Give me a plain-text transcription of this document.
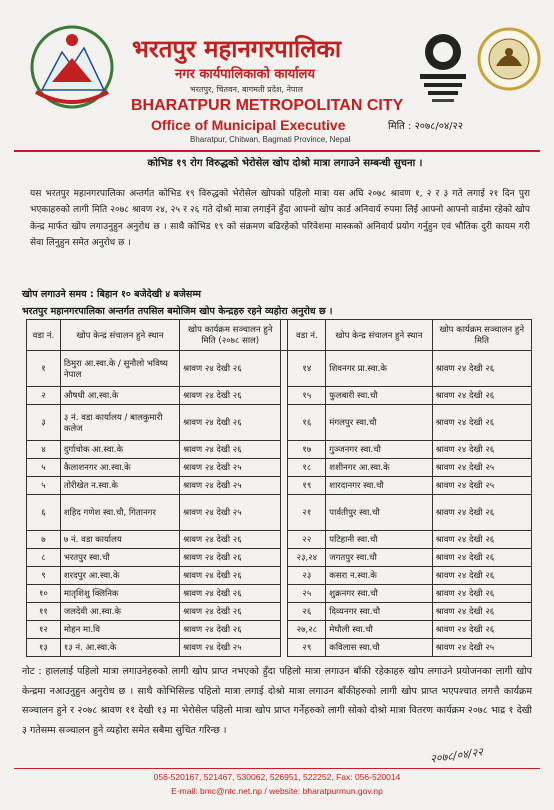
भरतपुर महानगरपालिका
नगर कार्यपालिकाको कार्यालय
भरतपुर, चितवन, बागमती प्रदेश, नेपाल
BHARATPUR METROPOLITAN CITY
Office of Municipal Executive
Bharatpur, Chitwan, Bagmati Province, Nepal
मिति : २०७८/०४/२२
कोभिड १९ रोग विरुद्धको भेरोसेल खोप दोश्रो मात्रा लगाउने सम्बन्धी सुचना ।
यस भरतपुर महानगरपालिका अन्तर्गत कोभिड १९ विरुद्धको भेरोसेल खोपको पहिलो मात्रा यस अघि २०७८ श्रावण १, २ र ३ गते लगाई २१ दिन पुरा भएकाहरुको लागी मिति २०७८ श्रावण २४, २५ र २६ गते दोश्रो मात्रा लगाईने हुँदा आफ्नो खोप कार्ड अनिवार्य रुपमा लिई आफ्नो आफ्नो वार्डमा रहेको खोप केन्द्र मार्फत खोप लगाउनुहुन अनुरोध छ । साथै कोभिड १९ को संक्रमण बढिरहेको परिवेशमा मास्कको अनिवार्य प्रयोग गर्नुहुन एवं भौतिक दुरी कायम गरी सेवा लिनुहुन समेत अनुरोध छ ।
खोप लगाउने समय : बिहान १० बजेदेखी ४ बजेसम्म
भरतपुर महानगरपालिका अन्तर्गत तपसिल बमोजिम खोप केन्द्रहरु रहने व्यहोरा अनुरोध छ ।
वडा नं.	खोप केन्द्र संचालन हुने स्थान	खोप कार्यक्रम सञ्चालन हुने मिति (२०७८ साल)		वडा नं.	खोप केन्द्र संचालन हुने स्थान	खोप कार्यक्रम सञ्चालन हुने मिति
१	ठिमुरा आ.स्वा.के / सुनौलो भविष्य नेपाल	श्रावण २४ देखी २६		१४	शिवनगर प्रा.स्वा.के	श्रावण २४ देखी २६
२	औषधी आ.स्वा.के	श्रावण २४ देखी २६		१५	फुलबारी स्वा.चौ	श्रावण २४ देखी २६
३	३ नं. वडा कार्यालय / बालकुमारी कलेज	श्रावण २४ देखी २६		१६	मंगलपुर स्वा.चौ	श्रावण २४ देखी २६
४	दुर्गाचोक आ.स्वा.के	श्रावण २४ देखी २६		१७	गुञ्जनगर स्वा.चौ	श्रावण २४ देखी २६
५	कैलाशनगर आ.स्वा.के	श्रावण २४ देखी २५		१८	शशीनगर आ.स्वा.के	श्रावण २४ देखी २५
५	तोरीखेत न.स्वा.के	श्रावण २४ देखी २५		१९	शारदानगर स्वा.चौ	श्रावण २४ देखी २५
६	शहिद गणेश स्वा.चौ, गितानगर	श्रावण २४ देखी २५		२१	पार्वतीपुर स्वा.चौ	श्रावण २४ देखी २६
७	७ नं. वडा कार्यालय	श्रावण २४ देखी २६		२२	पटिहानी स्वा.चौ	श्रावण २४ देखी २६
८	भरतपुर स्वा.चौ	श्रावण २४ देखी २६		२३,२४	जगतपुर स्वा.चौ	श्रावण २४ देखी २६
९	शरदपुर आ.स्वा.के	श्रावण २४ देखी २६		२३	कसरा न.स्वा.के	श्रावण २४ देखी २६
१०	मातृशिशु क्लिनिक	श्रावण २४ देखी २६		२५	शुक्रनगर स्वा.चौ	श्रावण २४ देखी २६
११	जलदेवी आ.स्वा.के	श्रावण २४ देखी २६		२६	दिव्यनगर स्वा.चौ	श्रावण २४ देखी २६
१२	मोहन मा.वि	श्रावण २४ देखी २६		२७,२८	मेघौली स्वा.चौ	श्रावण २४ देखी २६
१३	१३ नं. आ.स्वा.के	श्रावण २४ देखी २५		२९	कविलास स्वा.चौ	श्रावण २४ देखी २५
नोट : हाललाई पहिलो मात्रा लगाउनेहरुको लागी खोप प्राप्त नभएको हुँदा पहिलो मात्रा लगाउन बाँकी रहेकाहरु खोप लगाउने प्रयोजनका लागी खोप केन्द्रमा नआउनुहुन अनुरोध छ । साथै कोभिसिल्ड पहिलो मात्रा लगाई दोश्रो मात्रा लगाउन बाँकीहरुको लागी खोप प्राप्त भएपश्चात लगत्तै कार्यक्रम सञ्चालन हुने र २०७८ श्रावण ११ देखी १३ मा भेरोसेल पहिलो मात्रा खोप प्राप्त गर्नेहरुको लागी सोको दोश्रो मात्रा वितरण कार्यक्रम २०७८ भाद्र १ देखी ३ गतेसम्म सञ्चालन हुने व्यहोरा समेत सबैमा सुचित गरिन्छ ।
२०७८/०४/२२
056-520167, 521467, 530062, 526951, 522252, Fax: 056-520014
E-mail: bmc@ntc.net.np / website: bharatpurmun.gov.np
